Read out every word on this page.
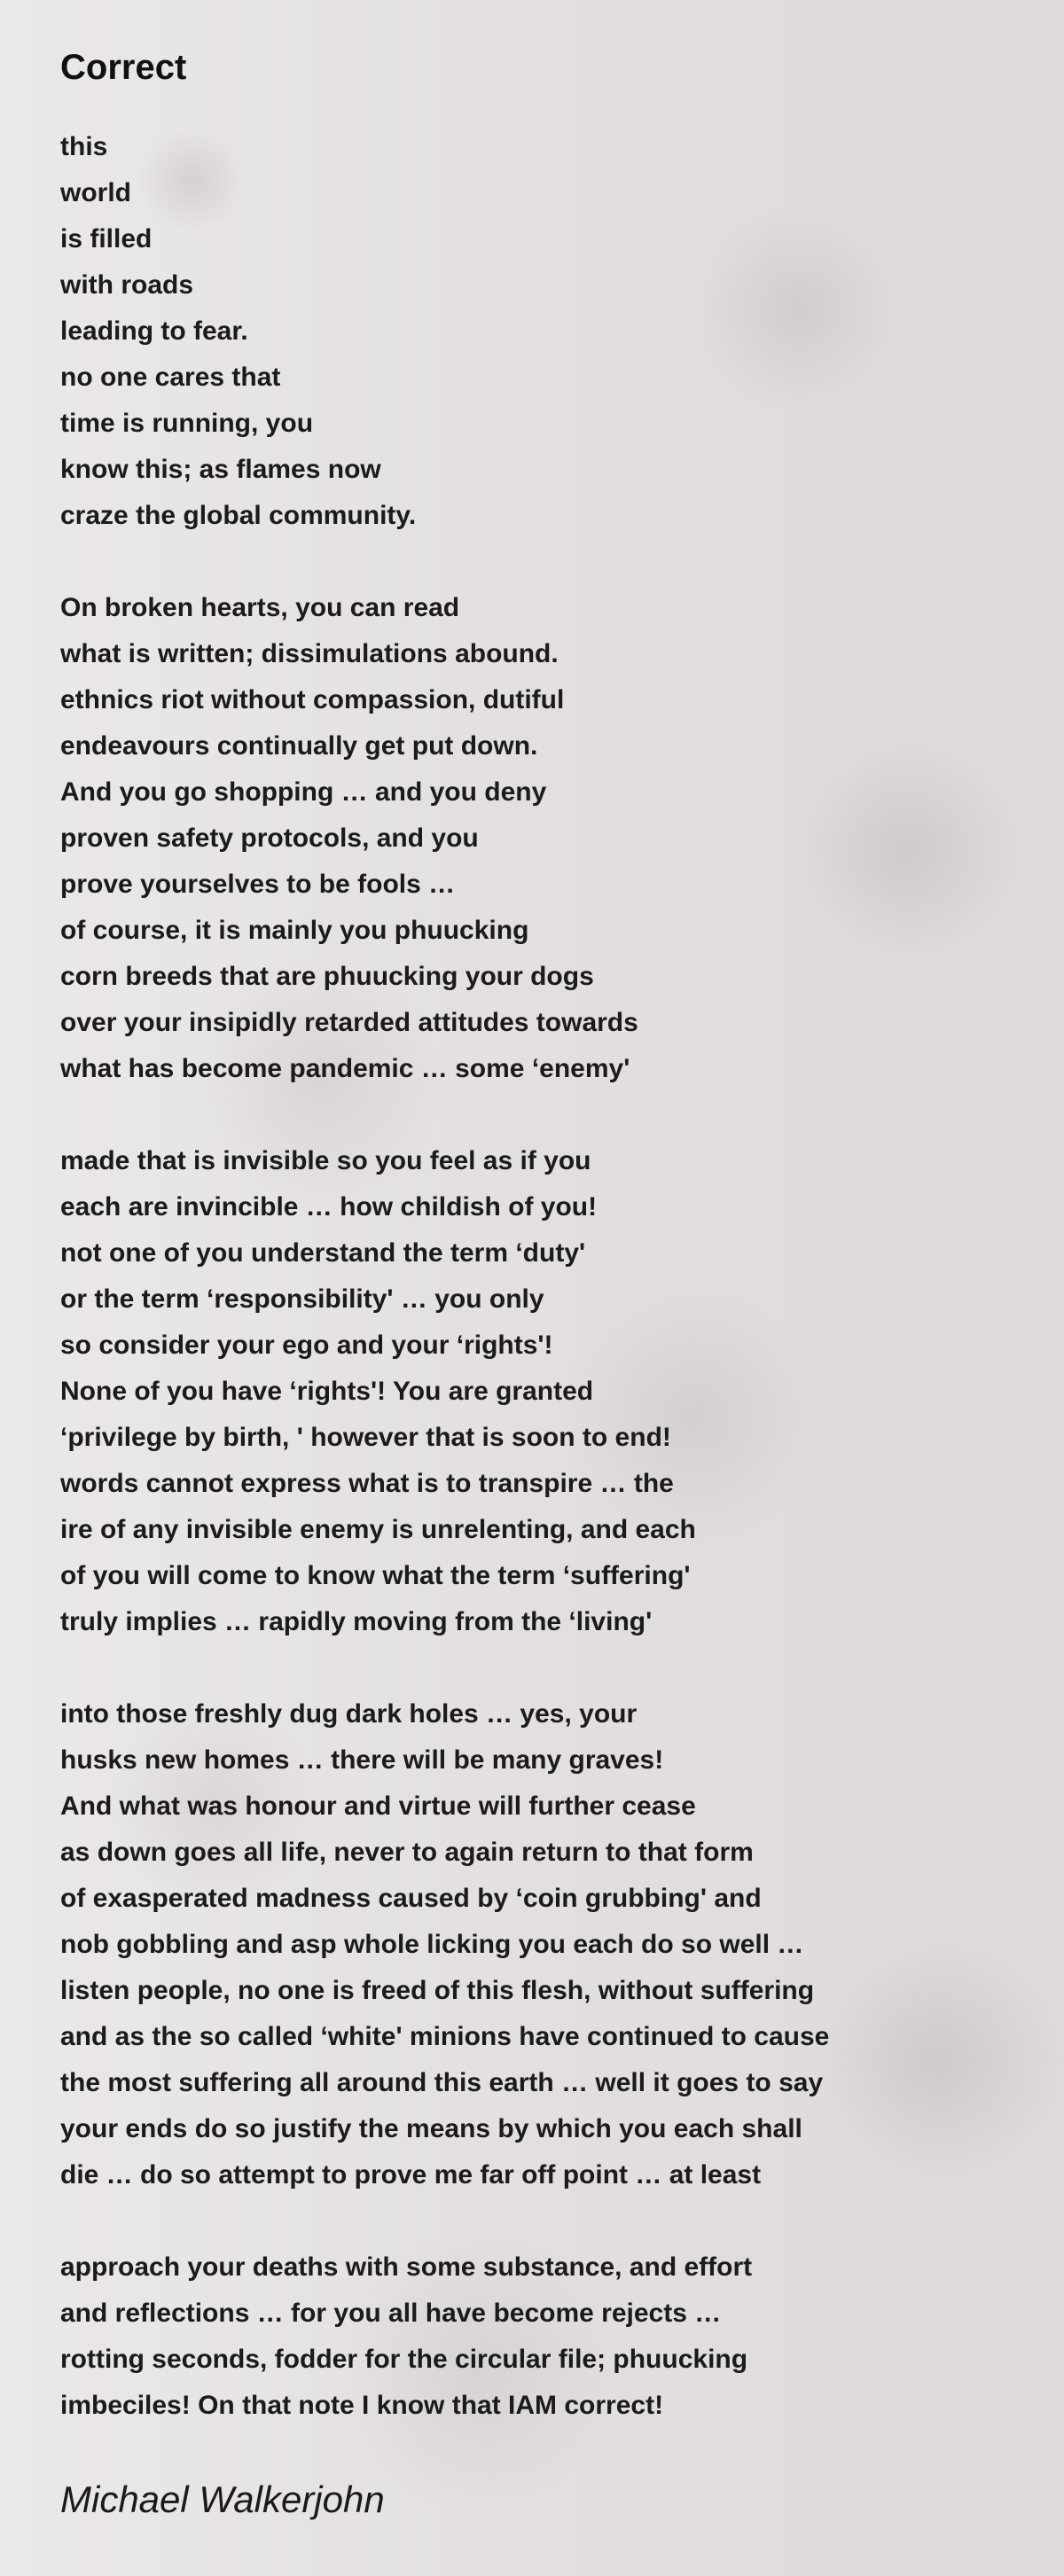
Correct
this
world
is filled
with roads
leading to fear.
no one cares that
time is running, you
know this; as flames now
craze the global community.
On broken hearts, you can read
what is written; dissimulations abound.
ethnics riot without compassion, dutiful
endeavours continually get put down.
And you go shopping … and you deny
proven safety protocols, and you
prove yourselves to be fools …
of course, it is mainly you phuucking
corn breeds that are phuucking your dogs
over your insipidly retarded attitudes towards
what has become pandemic … some ‘enemy'
made that is invisible so you feel as if you
each are invincible … how childish of you!
not one of you understand the term ‘duty'
or the term ‘responsibility' … you only
so consider your ego and your ‘rights'!
None of you have ‘rights'! You are granted
‘privilege by birth, ' however that is soon to end!
words cannot express what is to transpire … the
ire of any invisible enemy is unrelenting, and each
of you will come to know what the term ‘suffering'
truly implies … rapidly moving from the ‘living'
into those freshly dug dark holes … yes, your
husks new homes … there will be many graves!
And what was honour and virtue will further cease
as down goes all life, never to again return to that form
of exasperated madness caused by ‘coin grubbing' and
nob gobbling and asp whole licking you each do so well …
listen people, no one is freed of this flesh, without suffering
and as the so called ‘white' minions have continued to cause
the most suffering all around this earth … well it goes to say
your ends do so justify the means by which you each shall
die … do so attempt to prove me far off point … at least
approach your deaths with some substance, and effort
and reflections … for you all have become rejects …
rotting seconds, fodder for the circular file; phuucking
imbeciles! On that note I know that IAM correct!
Michael Walkerjohn
